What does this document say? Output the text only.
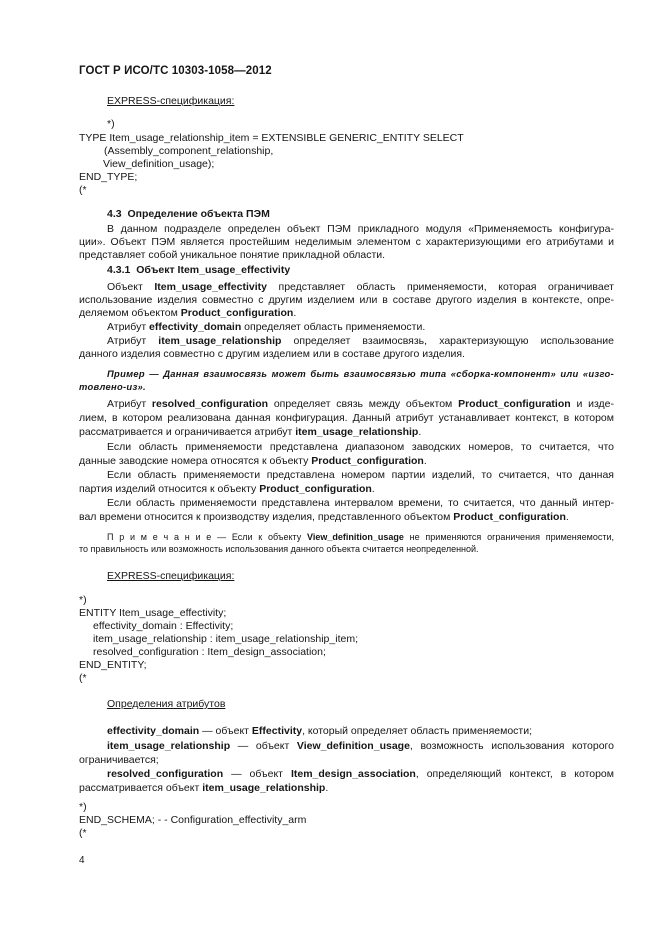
ГОСТ Р ИСО/ТС 10303-1058—2012
EXPRESS-спецификация:
*)
TYPE Item_usage_relationship_item = EXTENSIBLE GENERIC_ENTITY SELECT
(Assembly_component_relationship,
View_definition_usage);
END_TYPE;
(*
4.3 Определение объекта ПЭМ
В данном подразделе определен объект ПЭМ прикладного модуля «Применяемость конфигура-
ции». Объект ПЭМ является простейшим неделимым элементом с характеризующими его атрибутами и
представляет собой уникальное понятие прикладной области.
4.3.1 Объект Item_usage_effectivity
Объект Item_usage_effectivity представляет область применяемости, которая ограничивает
использование изделия совместно с другим изделием или в составе другого изделия в контексте, опре-
деляемом объектом Product_configuration.
Атрибут effectivity_domain определяет область применяемости.
Атрибут item_usage_relationship определяет взаимосвязь, характеризующую использование
данного изделия совместно с другим изделием или в составе другого изделия.
Пример — Данная взаимосвязь может быть взаимосвязью типа «сборка-компонент» или «изго-
товлено-из».
Атрибут resolved_configuration определяет связь между объектом Product_configuration и изде-
лием, в котором реализована данная конфигурация. Данный атрибут устанавливает контекст, в котором
рассматривается и ограничивается атрибут item_usage_relationship.
Если область применяемости представлена диапазоном заводских номеров, то считается, что
данные заводские номера относятся к объекту Product_configuration.
Если область применяемости представлена номером партии изделий, то считается, что данная
партия изделий относится к объекту Product_configuration.
Если область применяемости представлена интервалом времени, то считается, что данный интер-
вал времени относится к производству изделия, представленного объектом Product_configuration.
П р и м е ч а н и е — Если к объекту View_definition_usage не применяются ограничения применяемости,
то правильность или возможность использования данного объекта считается неопределенной.
EXPRESS-спецификация:
*)
ENTITY Item_usage_effectivity;
effectivity_domain : Effectivity;
item_usage_relationship : item_usage_relationship_item;
resolved_configuration : Item_design_association;
END_ENTITY;
(*
Определения атрибутов
effectivity_domain — объект Effectivity, который определяет область применяемости;
item_usage_relationship — объект View_definition_usage, возможность использования которого
ограничивается;
resolved_configuration — объект Item_design_association, определяющий контекст, в котором
рассматривается объект item_usage_relationship.
*)
END_SCHEMA; - - Configuration_effectivity_arm
(*
4
